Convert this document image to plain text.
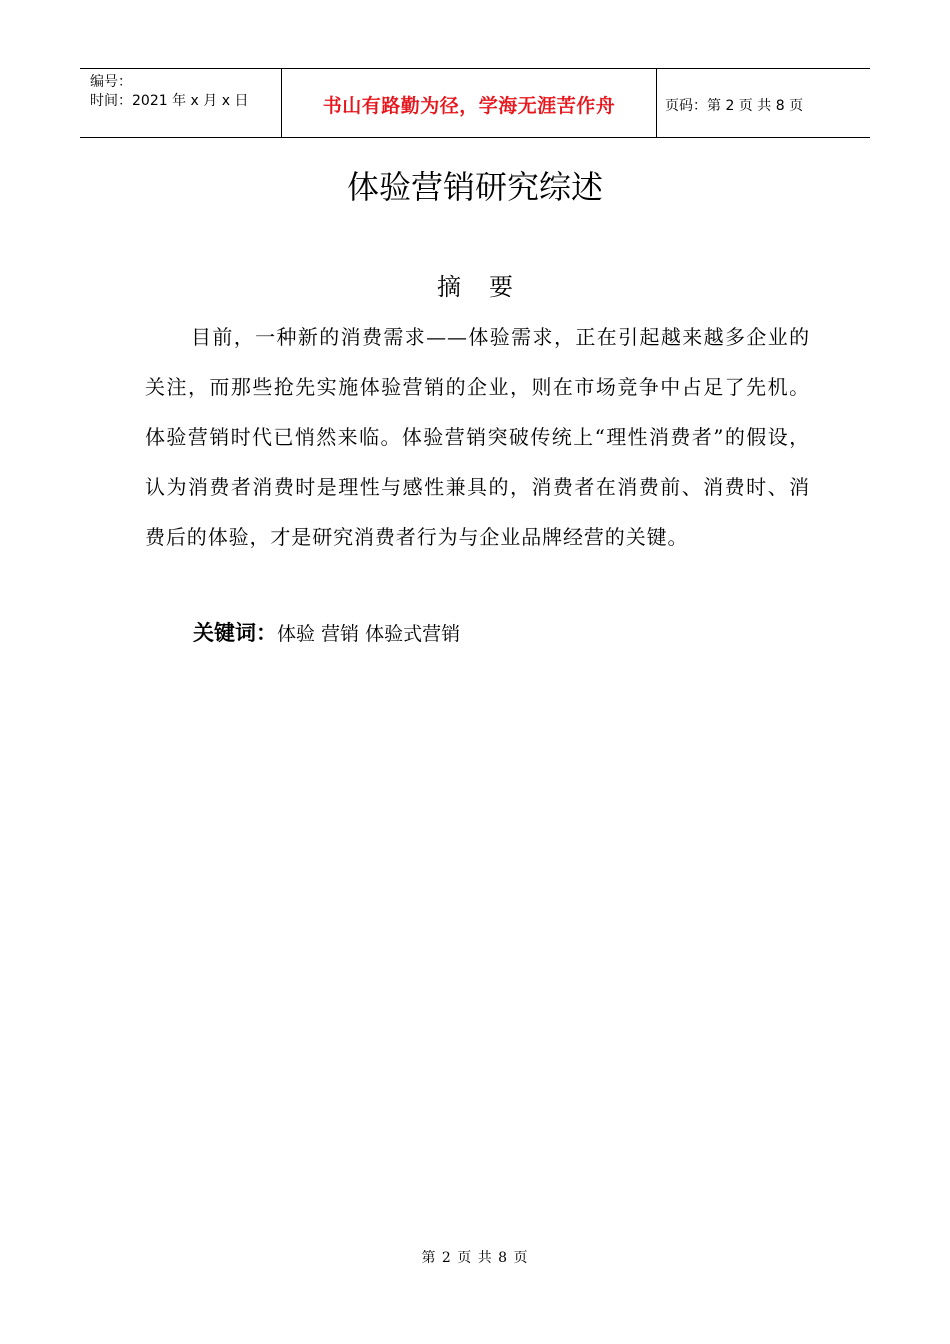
编号：
时间：2021 年 x 月 x 日	书山有路勤为径，学海无涯苦作舟	页码：第 2 页 共 8 页
体验营销研究综述
摘要
目前，一种新的消费需求——体验需求，正在引起越来越多企业的关注，而那些抢先实施体验营销的企业，则在市场竞争中占足了先机。体验营销时代已悄然来临。体验营销突破传统上“理性消费者”的假设，认为消费者消费时是理性与感性兼具的，消费者在消费前、消费时、消费后的体验，才是研究消费者行为与企业品牌经营的关键。
关键词：体验 营销 体验式营销
第 2 页 共 8 页
